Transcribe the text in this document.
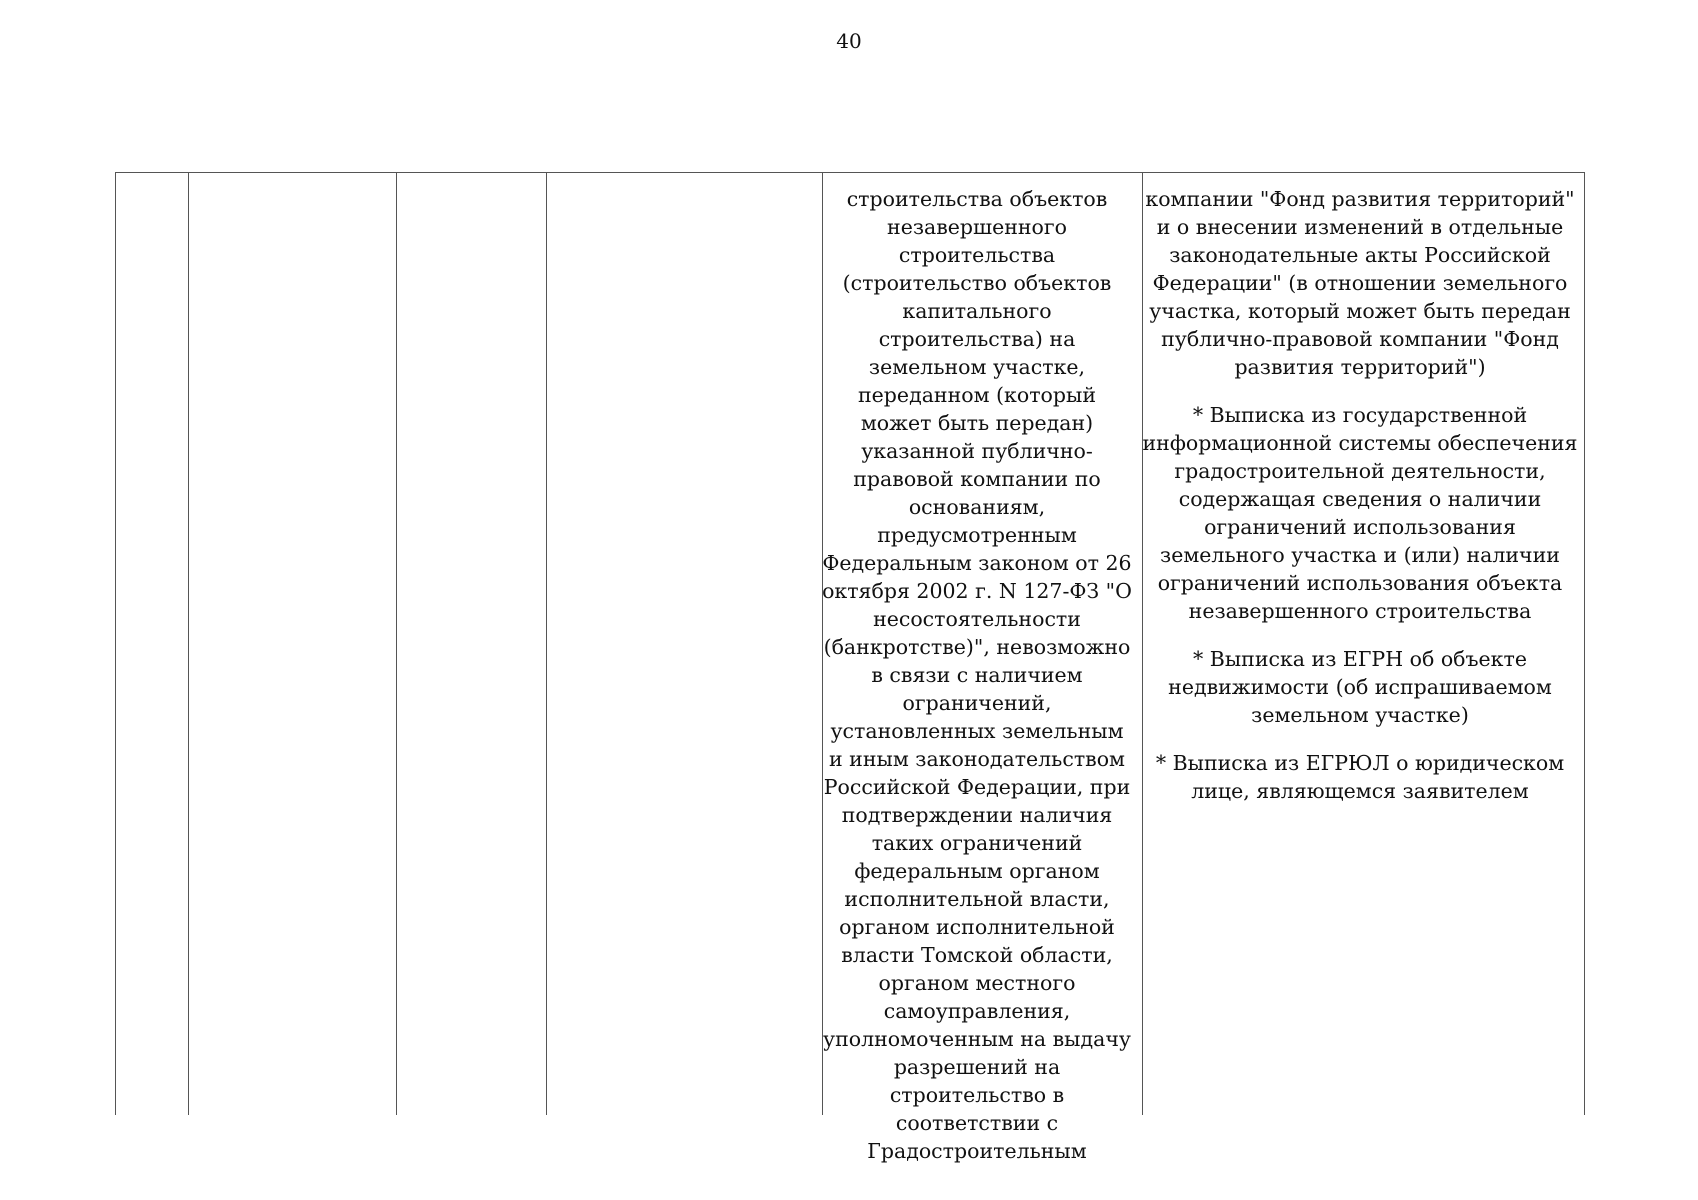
40

строительства объектов незавершенного строительства (строительство объектов капитального строительства) на земельном участке, переданном (который может быть передан) указанной публично-правовой компании по основаниям, предусмотренным Федеральным законом от 26 октября 2002 г. N 127-ФЗ "О несостоятельности (банкротстве)", невозможно в связи с наличием ограничений, установленных земельным и иным законодательством Российской Федерации, при подтверждении наличия таких ограничений федеральным органом исполнительной власти, органом исполнительной власти Томской области, органом местного самоуправления, уполномоченным на выдачу разрешений на строительство в соответствии с Градостроительным

компании "Фонд развития территорий" и о внесении изменений в отдельные законодательные акты Российской Федерации" (в отношении земельного участка, который может быть передан публично-правовой компании "Фонд развития территорий")

* Выписка из государственной информационной системы обеспечения градостроительной деятельности, содержащая сведения о наличии ограничений использования земельного участка и (или) наличии ограничений использования объекта незавершенного строительства

* Выписка из ЕГРН об объекте недвижимости (об испрашиваемом земельном участке)

* Выписка из ЕГРЮЛ о юридическом лице, являющемся заявителем
